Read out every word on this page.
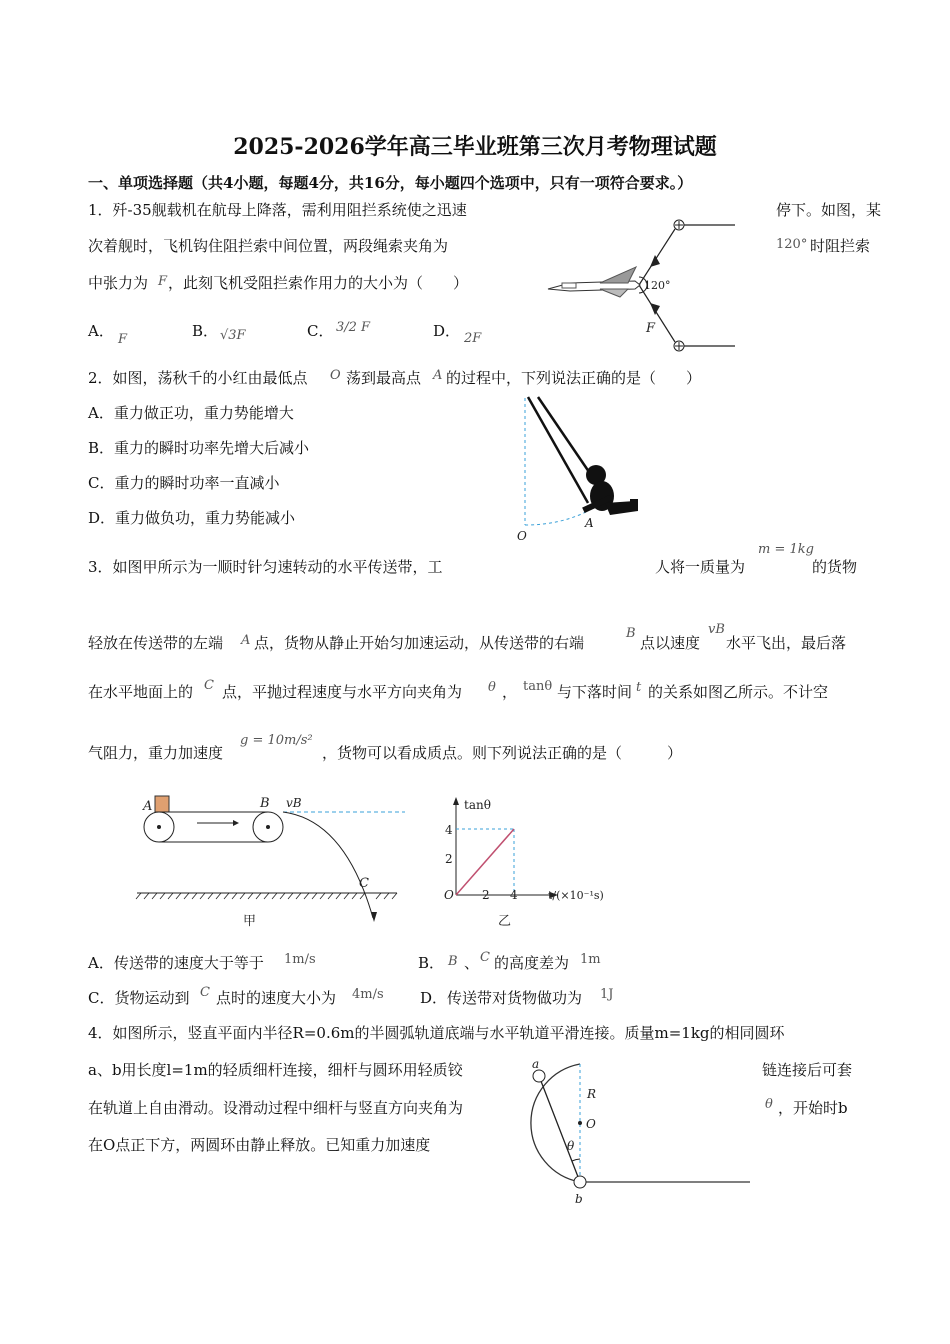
2025-2026学年高三毕业班第三次月考物理试题
一、单项选择题（共4小题，每题4分，共16分，每小题四个选项中，只有一项符合要求。）
1．歼-35舰载机在航母上降落，需利用阻拦系统使之迅速	停下。如图，某
次着舰时，飞机钩住阻拦索中间位置，两段绳索夹角为	120° 时阻拦索
中张力为 F ，此刻飞机受阻拦索作用力的大小为（　　）
A． F	B． √3F	C． 3/2 F	D． 2F
120°
F
2．如图，荡秋千的小红由最低点 O 荡到最高点 A 的过程中，下列说法正确的是（　　）
A．重力做正功，重力势能增大
B．重力的瞬时功率先增大后减小
C．重力的瞬时功率一直减小
D．重力做负功，重力势能减小
O
A
3．如图甲所示为一顺时针匀速转动的水平传送带，工	人将一质量为
m = 1kg
的货物
轻放在传送带的左端 A 点，货物从静止开始匀加速运动，从传送带的右端
B
点以速度
vB
水平飞出，最后落
在水平地面上的 C 点，平抛过程速度与水平方向夹角为 θ ， tanθ 与下落时间 t 的关系如图乙所示。不计空
气阻力，重力加速度
g = 10m/s²
，货物可以看成质点。则下列说法正确的是（　　　）
A	B vB
C
甲
tanθ
4
2
O 2 4	t/(×10⁻¹s)
乙
A．传送带的速度大于等于 1m/s	B． B 、 C 的高度差为 1m
C．货物运动到 C 点时的速度大小为 4m/s D．传送带对货物做功为 1J
4．如图所示，竖直平面内半径R=0.6m的半圆弧轨道底端与水平轨道平滑连接。质量m=1kg的相同圆环
a、b用长度l=1m的轻质细杆连接，细杆与圆环用轻质铰	链连接后可套
在轨道上自由滑动。设滑动过程中细杆与竖直方向夹角为	θ ，开始时b
在O点正下方，两圆环由静止释放。已知重力加速度
a
b
R
O
θ
